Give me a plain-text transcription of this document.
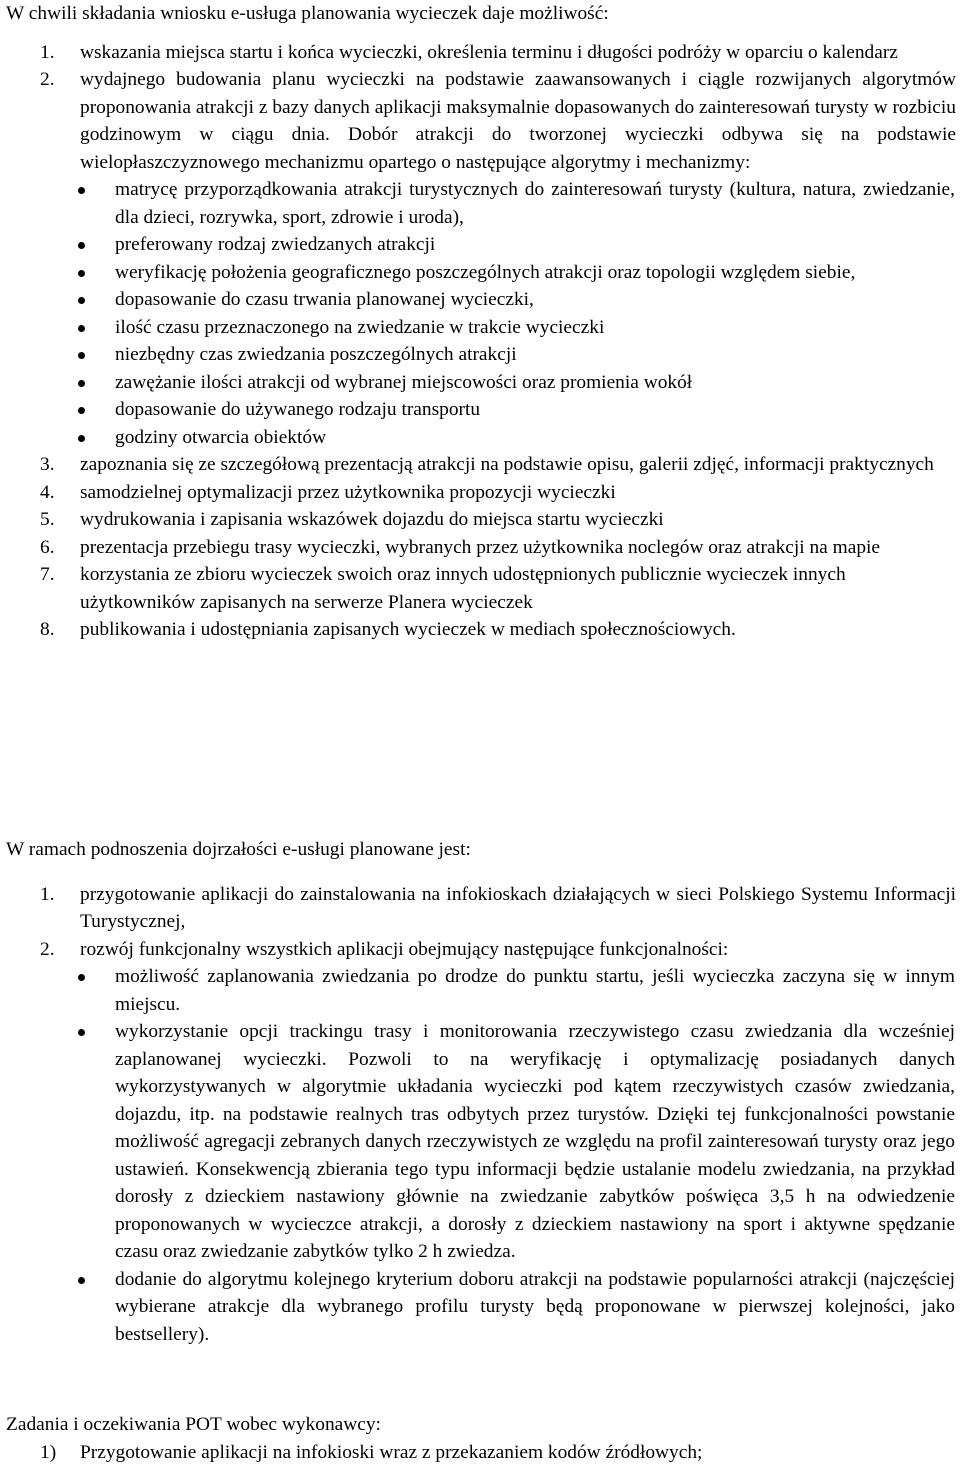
W chwili składania wniosku e-usługa planowania wycieczek daje możliwość:

1. wskazania miejsca startu i końca wycieczki, określenia terminu i długości podróży w oparciu o kalendarz
2. wydajnego budowania planu wycieczki na podstawie zaawansowanych i ciągle rozwijanych algorytmów proponowania atrakcji z bazy danych aplikacji maksymalnie dopasowanych do zainteresowań turysty w rozbiciu godzinowym w ciągu dnia. Dobór atrakcji do tworzonej wycieczki odbywa się na podstawie wielopłaszczyznowego mechanizmu opartego o następujące algorytmy i mechanizmy:
matrycę przyporządkowania atrakcji turystycznych do zainteresowań turysty (kultura, natura, zwiedzanie, dla dzieci, rozrywka, sport, zdrowie i uroda),
preferowany rodzaj zwiedzanych atrakcji
weryfikację położenia geograficznego poszczególnych atrakcji oraz topologii względem siebie,
dopasowanie do czasu trwania planowanej wycieczki,
ilość czasu przeznaczonego na zwiedzanie w trakcie wycieczki
niezbędny czas zwiedzania poszczególnych atrakcji
zawężanie ilości atrakcji od wybranej miejscowości oraz promienia wokół
dopasowanie do używanego rodzaju transportu
godziny otwarcia obiektów
3. zapoznania się ze szczegółową prezentacją atrakcji na podstawie opisu, galerii zdjęć, informacji praktycznych
4. samodzielnej optymalizacji przez użytkownika propozycji wycieczki
5. wydrukowania i zapisania wskazówek dojazdu do miejsca startu wycieczki
6. prezentacja przebiegu trasy wycieczki, wybranych przez użytkownika noclegów oraz atrakcji na mapie
7. korzystania ze zbioru wycieczek swoich oraz innych udostępnionych publicznie wycieczek innych użytkowników zapisanych na serwerze Planera wycieczek
8. publikowania i udostępniania zapisanych wycieczek w mediach społecznościowych.

W ramach podnoszenia dojrzałości e-usługi planowane jest:

1. przygotowanie aplikacji do zainstalowania na infokioskach działających w sieci Polskiego Systemu Informacji Turystycznej,
2. rozwój funkcjonalny wszystkich aplikacji obejmujący następujące funkcjonalności:
możliwość zaplanowania zwiedzania po drodze do punktu startu, jeśli wycieczka zaczyna się w innym miejscu.
wykorzystanie opcji trackingu trasy i monitorowania rzeczywistego czasu zwiedzania dla wcześniej zaplanowanej wycieczki. Pozwoli to na weryfikację i optymalizację posiadanych danych wykorzystywanych w algorytmie układania wycieczki pod kątem rzeczywistych czasów zwiedzania, dojazdu, itp. na podstawie realnych tras odbytych przez turystów. Dzięki tej funkcjonalności powstanie możliwość agregacji zebranych danych rzeczywistych ze względu na profil zainteresowań turysty oraz jego ustawień. Konsekwencją zbierania tego typu informacji będzie ustalanie modelu zwiedzania, na przykład dorosły z dzieckiem nastawiony głównie na zwiedzanie zabytków poświęca 3,5 h na odwiedzenie proponowanych w wycieczce atrakcji, a dorosły z dzieckiem nastawiony na sport i aktywne spędzanie czasu oraz zwiedzanie zabytków tylko 2 h zwiedza.
dodanie do algorytmu kolejnego kryterium doboru atrakcji na podstawie popularności atrakcji (najczęściej wybierane atrakcje dla wybranego profilu turysty będą proponowane w pierwszej kolejności, jako bestsellery).

Zadania i oczekiwania POT wobec wykonawcy:

1) Przygotowanie aplikacji na infokioski wraz z przekazaniem kodów źródłowych;
